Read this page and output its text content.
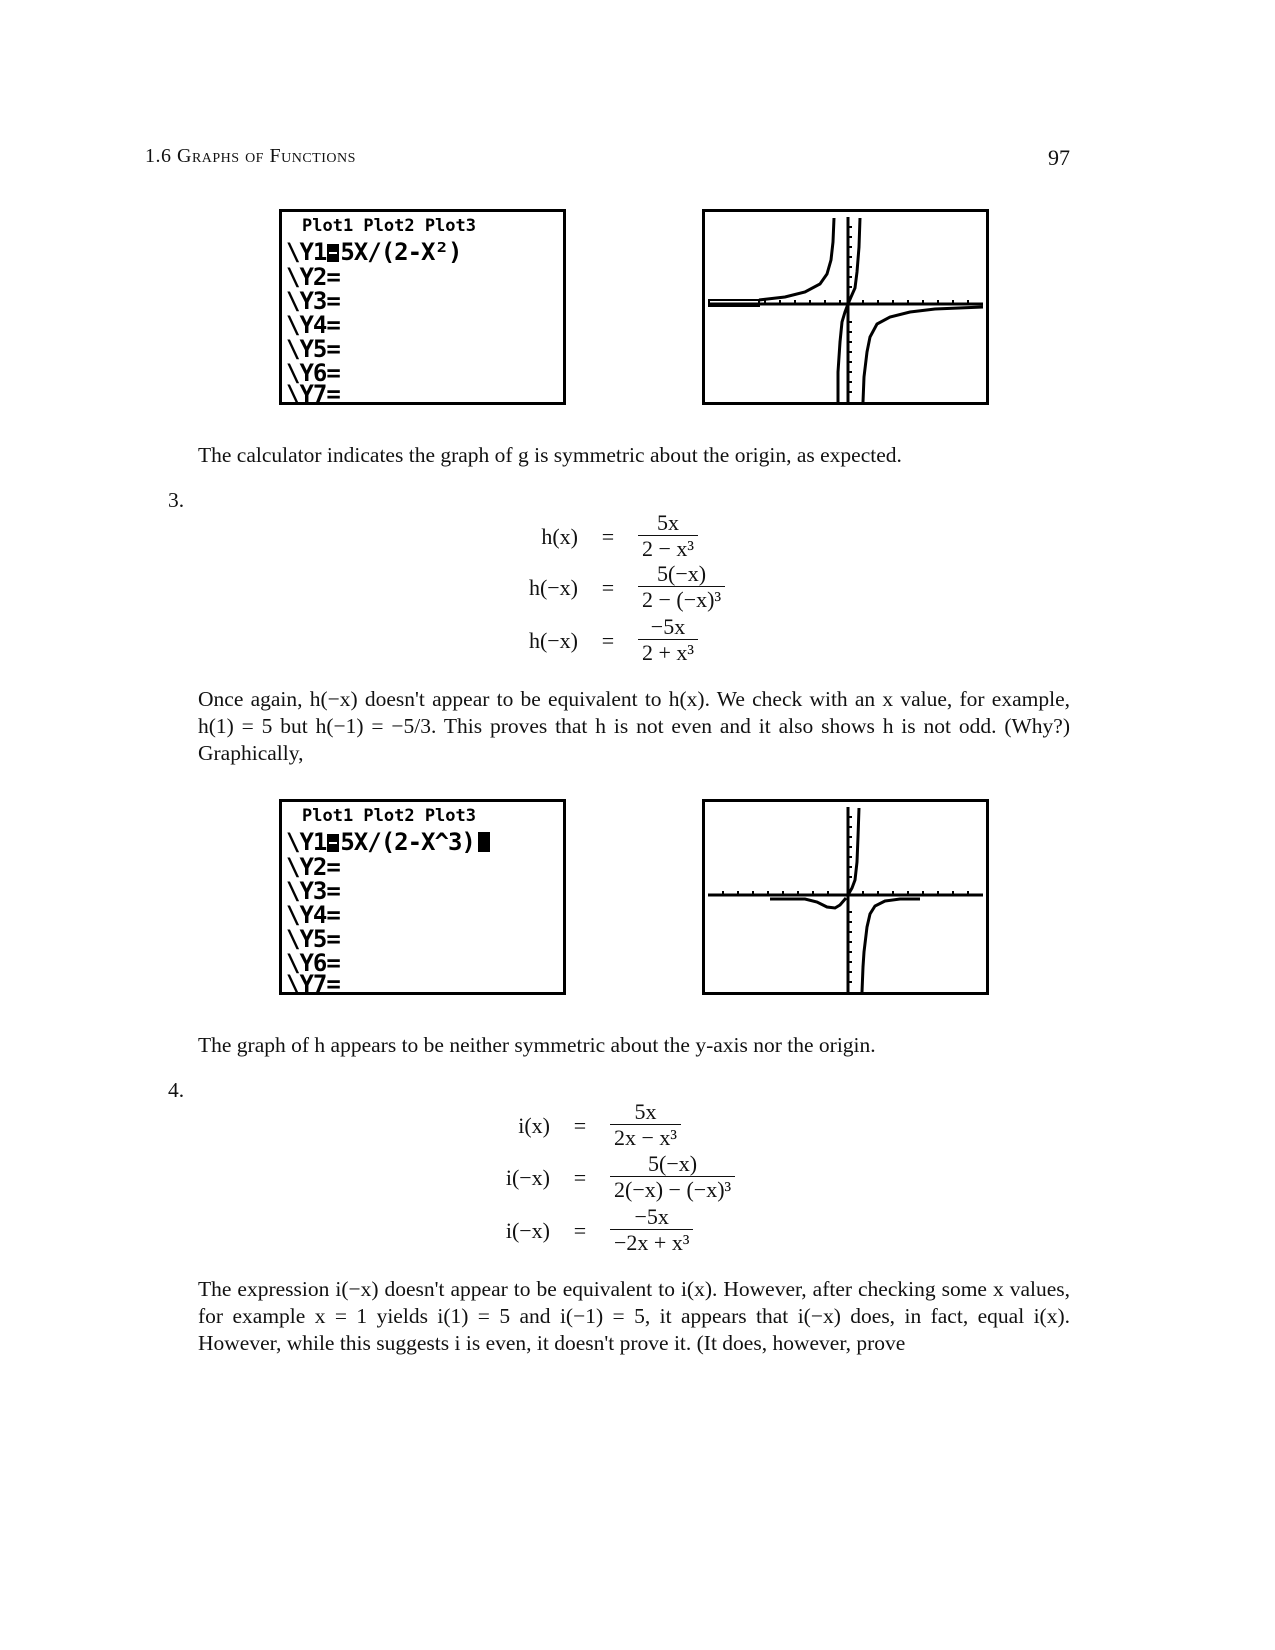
1.6 Graphs of Functions	97
Plot1 Plot2 Plot3
\Y1 5X/(2-X²)
\Y2=
\Y3=
\Y4=
\Y5=
\Y6=
\Y7=
The calculator indicates the graph of g is symmetric about the origin, as expected.
3.
h(x)	=	$\frac{5x}{\text{2 − x³}}$
h(−x)	=	$\frac{5(-x)}{\text{2 − (−x)³}}$
h(−x)	=	$\frac{-5x}{\text{2 + x³}}$
Once again, h(−x) doesn't appear to be equivalent to h(x). We check with an x value, for example, h(1) = 5 but h(−1) = −5/3. This proves that h is not even and it also shows h is not odd. (Why?) Graphically,
Plot1 Plot2 Plot3
\Y1 5X/(2-X^3)
\Y2=
\Y3=
\Y4=
\Y5=
\Y6=
\Y7=
The graph of h appears to be neither symmetric about the y-axis nor the origin.
4.
i(x)	=	$\frac{5x}{\text{2x − x³}}$
i(−x)	=	$\frac{5(-x)}{\text{2(−x) − (−x)³}}$
i(−x)	=	$\frac{-5x}{\text{−2x + x³}}$
The expression i(−x) doesn't appear to be equivalent to i(x). However, after checking some x values, for example x = 1 yields i(1) = 5 and i(−1) = 5, it appears that i(−x) does, in fact, equal i(x). However, while this suggests i is even, it doesn't prove it. (It does, however, prove
